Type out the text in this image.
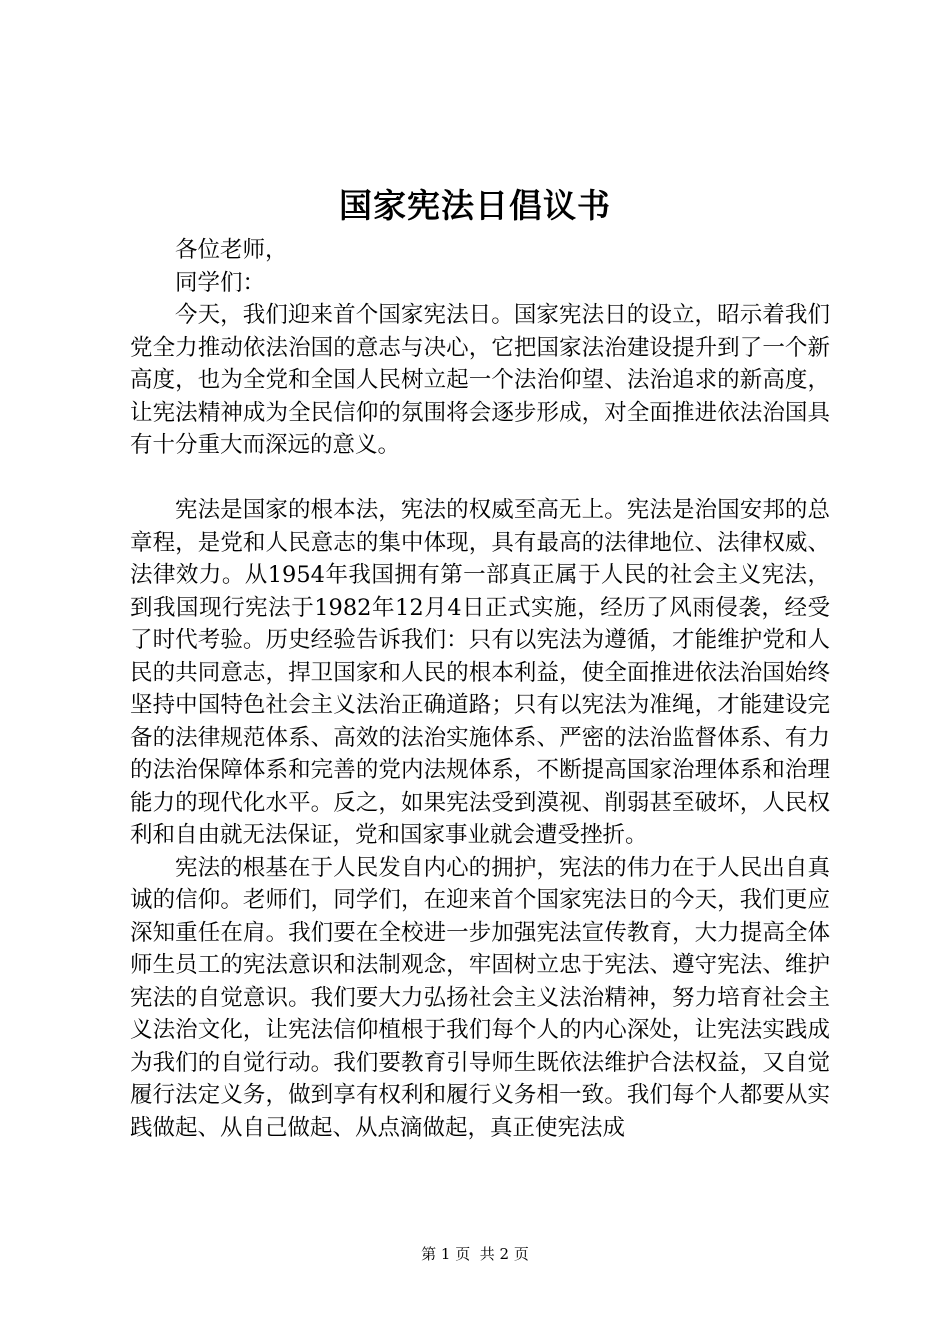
国家宪法日倡议书

各位老师，

同学们：

今天，我们迎来首个国家宪法日。国家宪法日的设立，昭示着我们党全力推动依法治国的意志与决心，它把国家法治建设提升到了一个新高度，也为全党和全国人民树立起一个法治仰望、法治追求的新高度，让宪法精神成为全民信仰的氛围将会逐步形成，对全面推进依法治国具有十分重大而深远的意义。

宪法是国家的根本法，宪法的权威至高无上。宪法是治国安邦的总章程，是党和人民意志的集中体现，具有最高的法律地位、法律权威、法律效力。从1954年我国拥有第一部真正属于人民的社会主义宪法，到我国现行宪法于1982年12月4日正式实施，经历了风雨侵袭，经受了时代考验。历史经验告诉我们：只有以宪法为遵循，才能维护党和人民的共同意志，捍卫国家和人民的根本利益，使全面推进依法治国始终坚持中国特色社会主义法治正确道路；只有以宪法为准绳，才能建设完备的法律规范体系、高效的法治实施体系、严密的法治监督体系、有力的法治保障体系和完善的党内法规体系，不断提高国家治理体系和治理能力的现代化水平。反之，如果宪法受到漠视、削弱甚至破坏，人民权利和自由就无法保证，党和国家事业就会遭受挫折。

宪法的根基在于人民发自内心的拥护，宪法的伟力在于人民出自真诚的信仰。老师们，同学们，在迎来首个国家宪法日的今天，我们更应深知重任在肩。我们要在全校进一步加强宪法宣传教育，大力提高全体师生员工的宪法意识和法制观念，牢固树立忠于宪法、遵守宪法、维护宪法的自觉意识。我们要大力弘扬社会主义法治精神，努力培育社会主义法治文化，让宪法信仰植根于我们每个人的内心深处，让宪法实践成为我们的自觉行动。我们要教育引导师生既依法维护合法权益，又自觉履行法定义务，做到享有权利和履行义务相一致。我们每个人都要从实践做起、从自己做起、从点滴做起，真正使宪法成

第 1 页  共 2 页
